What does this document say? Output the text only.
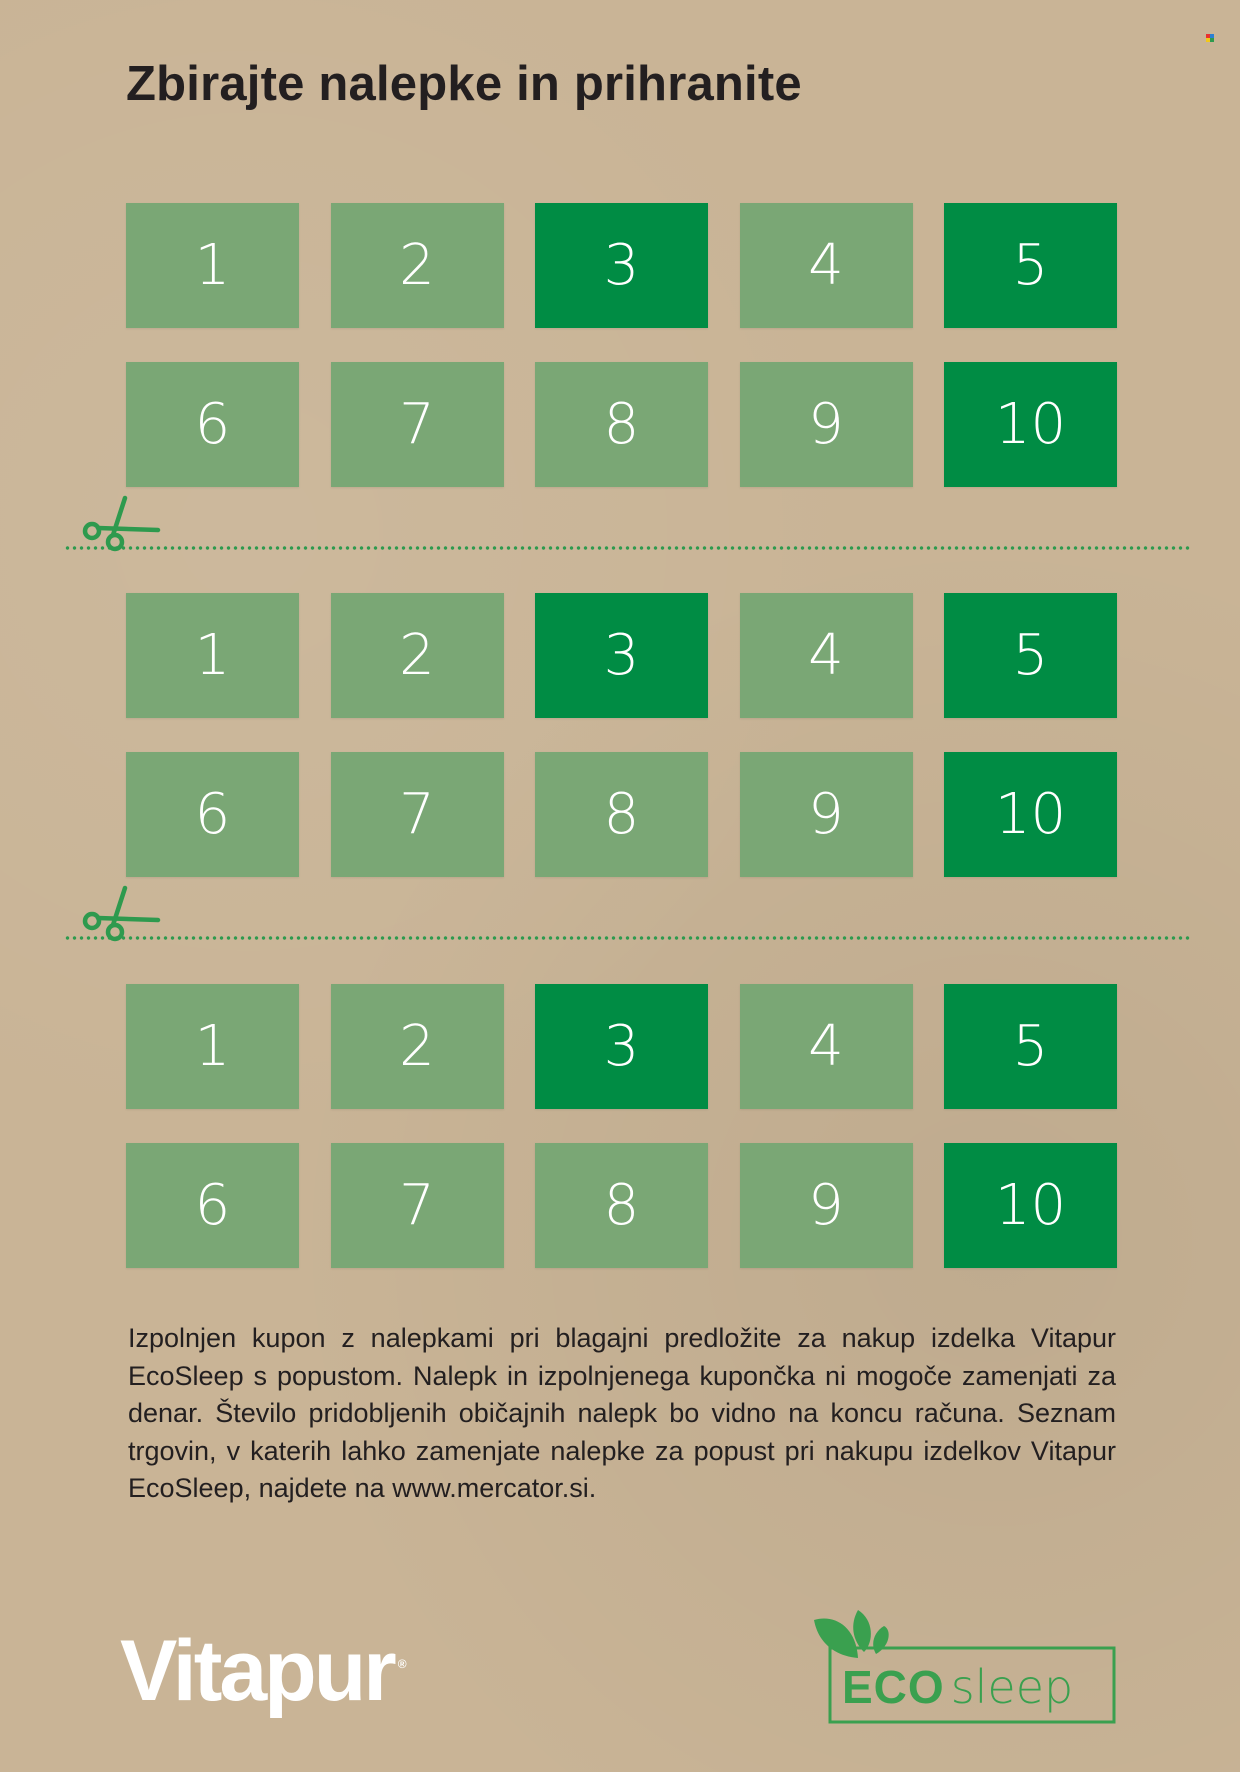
Zbirajte nalepke in prihranite
1	2	3	4	5
6	7	8	9	10
1	2	3	4	5
6	7	8	9	10
1	2	3	4	5
6	7	8	9	10

Izpolnjen kupon z nalepkami pri blagajni predložite za nakup izdelka Vitapur EcoSleep s popustom. Nalepk in izpolnjenega kupončka ni mogoče zamenjati za denar. Število pridobljenih običajnih nalepk bo vidno na koncu računa. Seznam trgovin, v katerih lahko zamenjate nalepke za popust pri nakupu izdelkov Vitapur EcoSleep, najdete na www.mercator.si.

Vitapur ®	ECO sleep
